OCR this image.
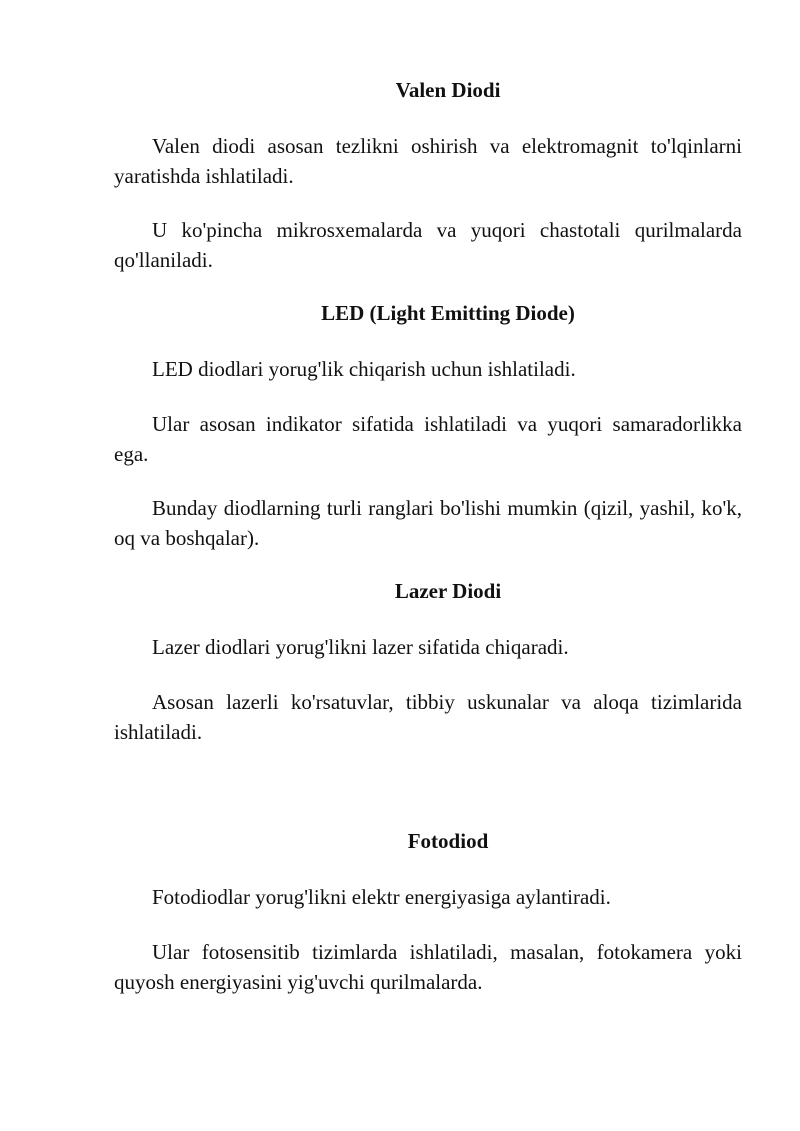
Valen Diodi

Valen diodi asosan tezlikni oshirish va elektromagnit to'lqinlarni yaratishda ishlatiladi.

U ko'pincha mikrosxemalarda va yuqori chastotali qurilmalarda qo'llaniladi.

LED (Light Emitting Diode)

LED diodlari yorug'lik chiqarish uchun ishlatiladi.

Ular asosan indikator sifatida ishlatiladi va yuqori samaradorlikka ega.

Bunday diodlarning turli ranglari bo'lishi mumkin (qizil, yashil, ko'k, oq va boshqalar).

Lazer Diodi

Lazer diodlari yorug'likni lazer sifatida chiqaradi.

Asosan lazerli ko'rsatuvlar, tibbiy uskunalar va aloqa tizimlarida ishlatiladi.

Fotodiod

Fotodiodlar yorug'likni elektr energiyasiga aylantiradi.

Ular fotosensitib tizimlarda ishlatiladi, masalan, fotokamera yoki quyosh energiyasini yig'uvchi qurilmalarda.
